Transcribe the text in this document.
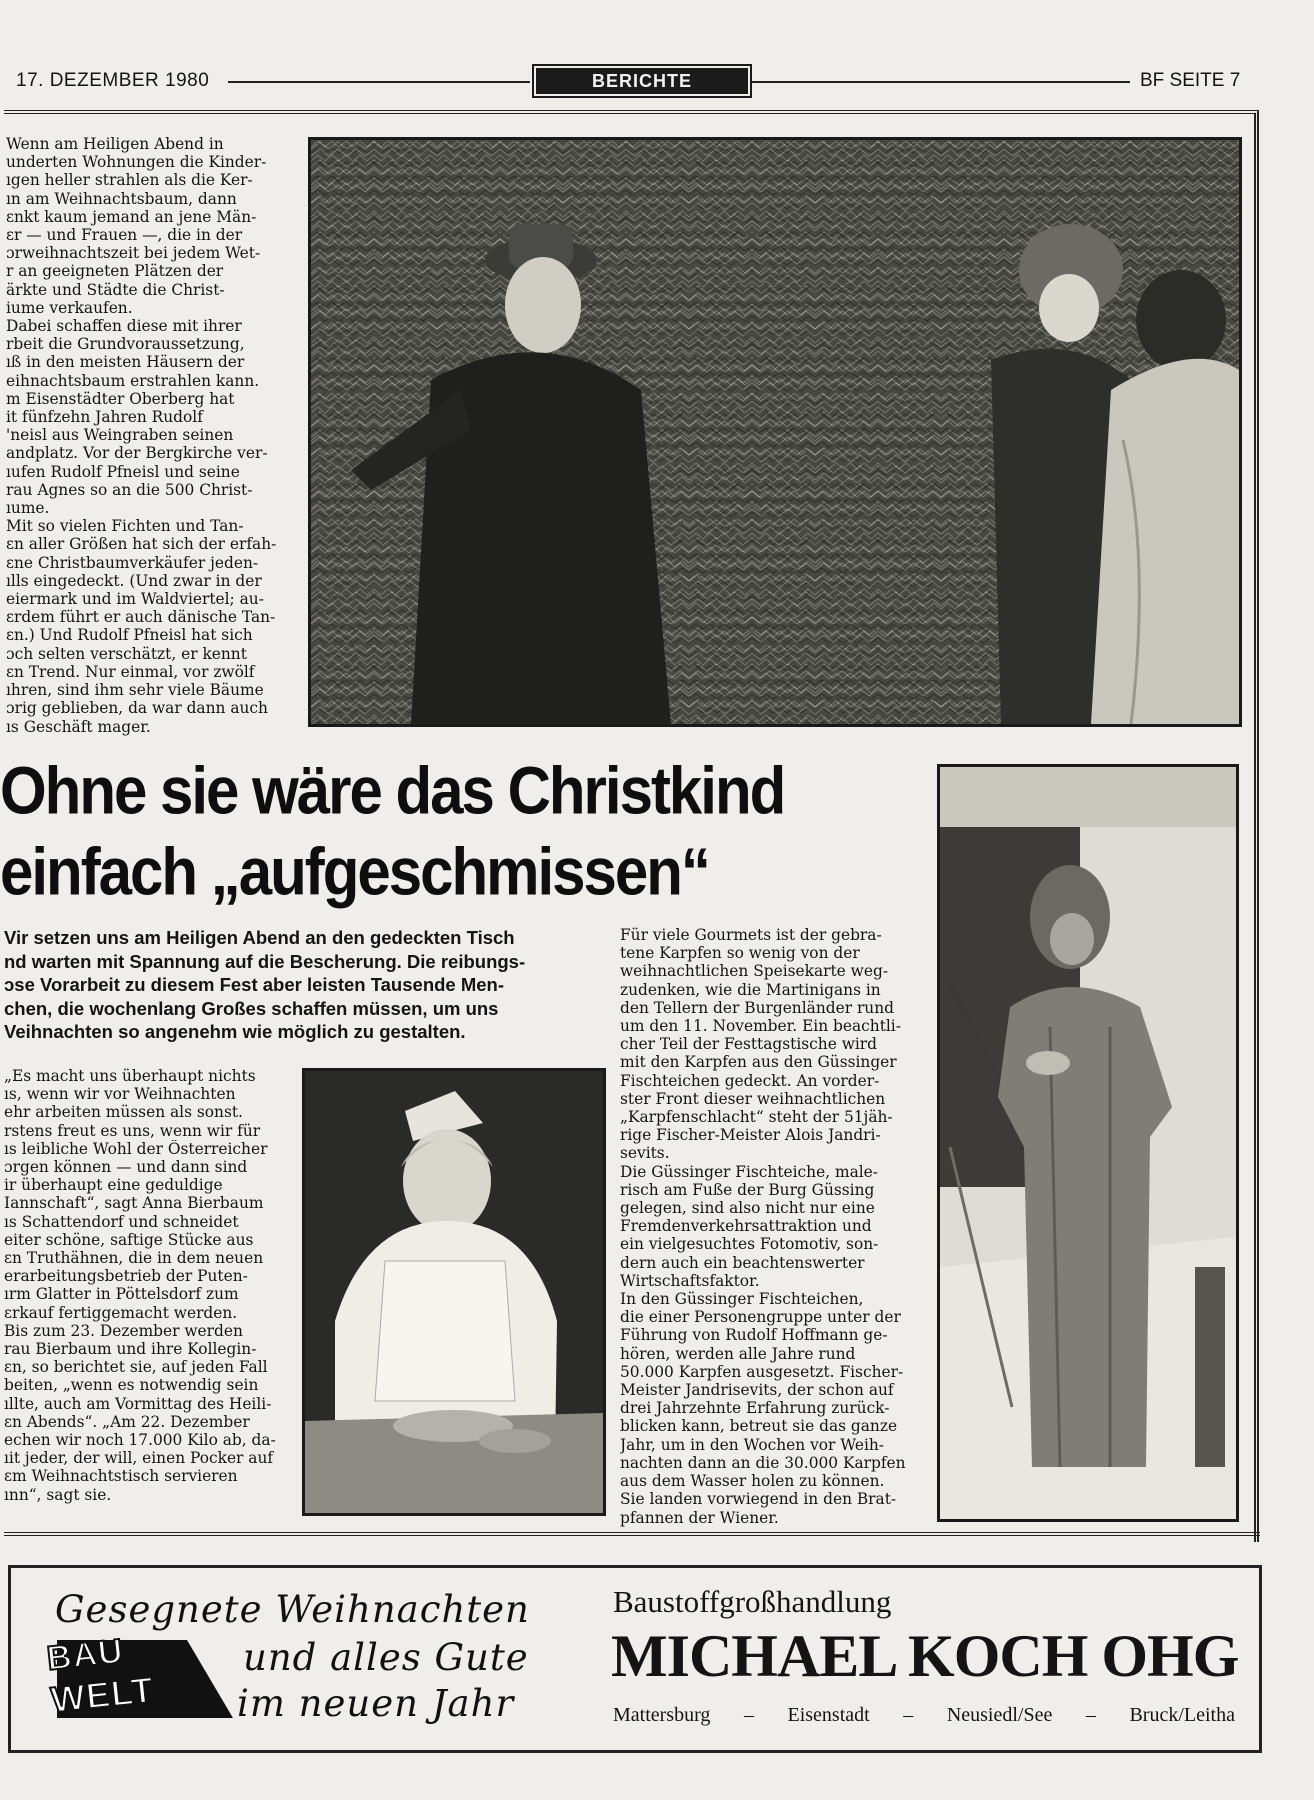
17. DEZEMBER 1980	BERICHTE	BF SEITE 7
Wenn am Heiligen Abend in
underten Wohnungen die Kinder-
ıgen heller strahlen als die Ker-
ın am Weihnachtsbaum, dann
ɛnkt kaum jemand an jene Män-
ɛr — und Frauen —, die in der
ɔrweihnachtszeit bei jedem Wet-
r an geeigneten Plätzen der
ärkte und Städte die Christ-
iume verkaufen.
Dabei schaffen diese mit ihrer
rbeit die Grundvoraussetzung,
ıß in den meisten Häusern der
eihnachtsbaum erstrahlen kann.
m Eisenstädter Oberberg hat
it fünfzehn Jahren Rudolf
'neisl aus Weingraben seinen
andplatz. Vor der Bergkirche ver-
ıufen Rudolf Pfneisl und seine
rau Agnes so an die 500 Christ-
ıume.
Mit so vielen Fichten und Tan-
ɛn aller Größen hat sich der erfah-
ɛne Christbaumverkäufer jeden-
ılls eingedeckt. (Und zwar in der
eiermark und im Waldviertel; au-
ɛrdem führt er auch dänische Tan-
ɛn.) Und Rudolf Pfneisl hat sich
ɔch selten verschätzt, er kennt
ɛn Trend. Nur einmal, vor zwölf
ıhren, sind ihm sehr viele Bäume
ɔrig geblieben, da war dann auch
ıs Geschäft mager.
Ohne sie wäre das Christkind
einfach „aufgeschmissen“
Vir setzen uns am Heiligen Abend an den gedeckten Tisch
nd warten mit Spannung auf die Bescherung. Die reibungs-
ɔse Vorarbeit zu diesem Fest aber leisten Tausende Men-
chen, die wochenlang Großes schaffen müssen, um uns
Veihnachten so angenehm wie möglich zu gestalten.
„Es macht uns überhaupt nichts
ıs, wenn wir vor Weihnachten
ehr arbeiten müssen als sonst.
rstens freut es uns, wenn wir für
ıs leibliche Wohl der Österreicher
ɔrgen können — und dann sind
ir überhaupt eine geduldige
Iannschaft“, sagt Anna Bierbaum
ıs Schattendorf und schneidet
eiter schöne, saftige Stücke aus
ɛn Truthähnen, die in dem neuen
erarbeitungsbetrieb der Puten-
ırm Glatter in Pöttelsdorf zum
ɛrkauf fertiggemacht werden.
Bis zum 23. Dezember werden
rau Bierbaum und ihre Kollegin-
ɛn, so berichtet sie, auf jeden Fall
beiten, „wenn es notwendig sein
ıllte, auch am Vormittag des Heili-
ɛn Abends“. „Am 22. Dezember
echen wir noch 17.000 Kilo ab, da-
ıit jeder, der will, einen Pocker auf
ɛm Weihnachtstisch servieren
ınn“, sagt sie.
Für viele Gourmets ist der gebra-
tene Karpfen so wenig von der
weihnachtlichen Speisekarte weg-
zudenken, wie die Martinigans in
den Tellern der Burgenländer rund
um den 11. November. Ein beachtli-
cher Teil der Festtagstische wird
mit den Karpfen aus den Güssinger
Fischteichen gedeckt. An vorder-
ster Front dieser weihnachtlichen
„Karpfenschlacht“ steht der 51jäh-
rige Fischer-Meister Alois Jandri-
sevits.
Die Güssinger Fischteiche, male-
risch am Fuße der Burg Güssing
gelegen, sind also nicht nur eine
Fremdenverkehrsattraktion und
ein vielgesuchtes Fotomotiv, son-
dern auch ein beachtenswerter
Wirtschaftsfaktor.
In den Güssinger Fischteichen,
die einer Personengruppe unter der
Führung von Rudolf Hoffmann ge-
hören, werden alle Jahre rund
50.000 Karpfen ausgesetzt. Fischer-
Meister Jandrisevits, der schon auf
drei Jahrzehnte Erfahrung zurück-
blicken kann, betreut sie das ganze
Jahr, um in den Wochen vor Weih-
nachten dann an die 30.000 Karpfen
aus dem Wasser holen zu können.
Sie landen vorwiegend in den Brat-
pfannen der Wiener.
Gesegnete Weihnachten
und alles Gute
im neuen Jahr
BAU
WELT
Baustoffgroßhandlung
MICHAEL KOCH OHG
Mattersburg – Eisenstadt – Neusiedl/See – Bruck/Leitha
